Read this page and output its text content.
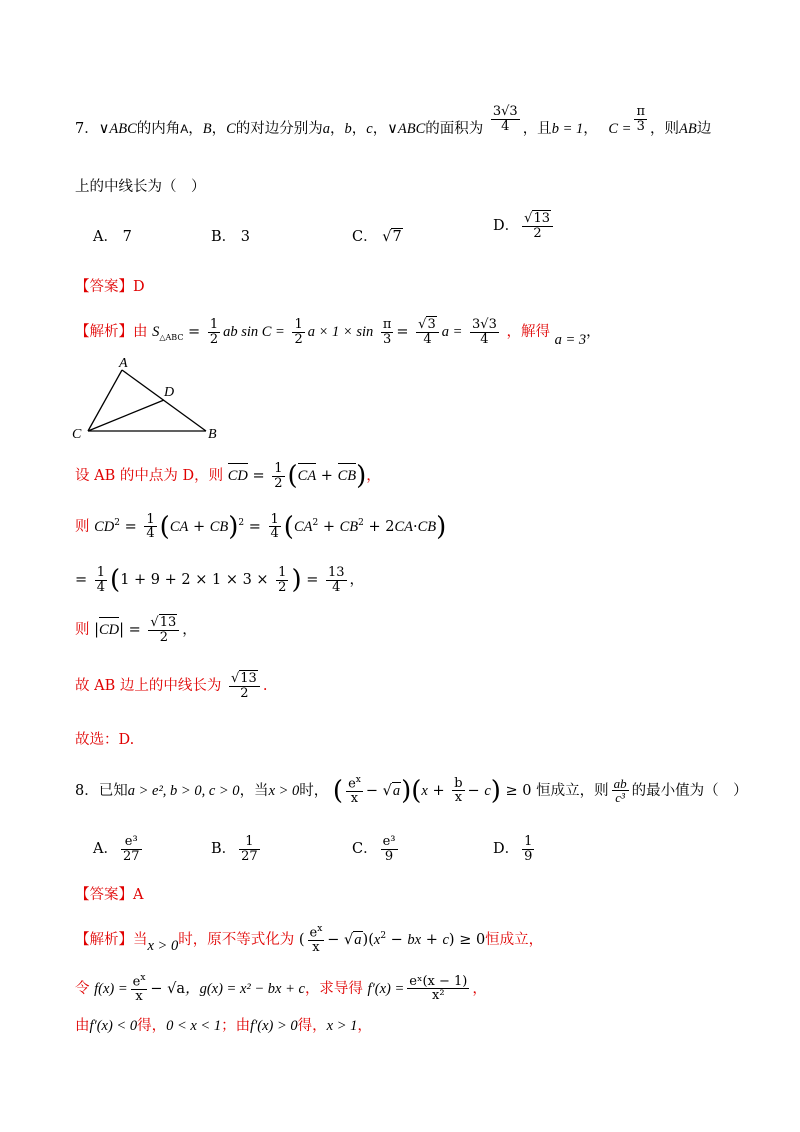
7．∨ABC的内角A，B，C的对边分别为a，b，c，∨ABC的面积为 $\frac{3√3}{4}$ ，且b = 1， $C = \frac{\pi}{3}$ ，则AB边
上的中线长为（　）
A． 7	B． 3	C． √7
D． $\frac{√13}{2}$
【答案】D
【解析】由 $S_{\triangle ABC} = \frac{1}{2}$ ab $\sin C = \frac{1}{2}$ $a \times 1 \times \sin \frac{\pi}{3} = \frac{√3}{4}$ $a = \frac{3√3}{4}$ ，解得 a = 3，
A
D
C	B
设 AB 的中点为 D，则 CD = $\frac{1}{2} (CA + CB)$，
则 $CD^2 = \frac{1}{4} (CA + CB)^2 = \frac{1}{4} (CA^2 + CB^2 + 2CA\cdot CB)$
= $\frac{1}{4} (1 + 9 + 2 \times 1 \times 3 \times \frac{1}{2}$ ) = $\frac{13}{4}$ ，
则 $|CD| = \frac{√13}{2}$ ，
故 AB 边上的中线长为 $\frac{√13}{2}$ .
故选：D.
8．已知a > e², b > 0, c > 0，当x > 0时， ( $\frac{e^x}{x} - √a)(x + \frac{b}{x} - c) \ge 0$ 恒成立，则 $\frac{ab}{\text{c³}}$ 的最小值为（　）
A． $\frac{\text{e³}}{27}$	B． $\frac{1}{27}$	C． $\frac{\text{e³}}{9}$	D． $\frac{1}{9}$
【答案】A
【解析】当x > 0时，原不等式化为 ( $\frac{e^x}{x} - √a)(x^2$ − bx + c) ≥ 0恒成立，
令 $f(x) = \frac{e^x}{x} - √a$，g(x) = x² − bx + c，求导得 $f'(x) = \frac{\text{eˣ(x − 1)}}{\text{x²}}$ ，
由f′(x) < 0得，0 < x < 1；由f′(x) > 0得，x > 1，
